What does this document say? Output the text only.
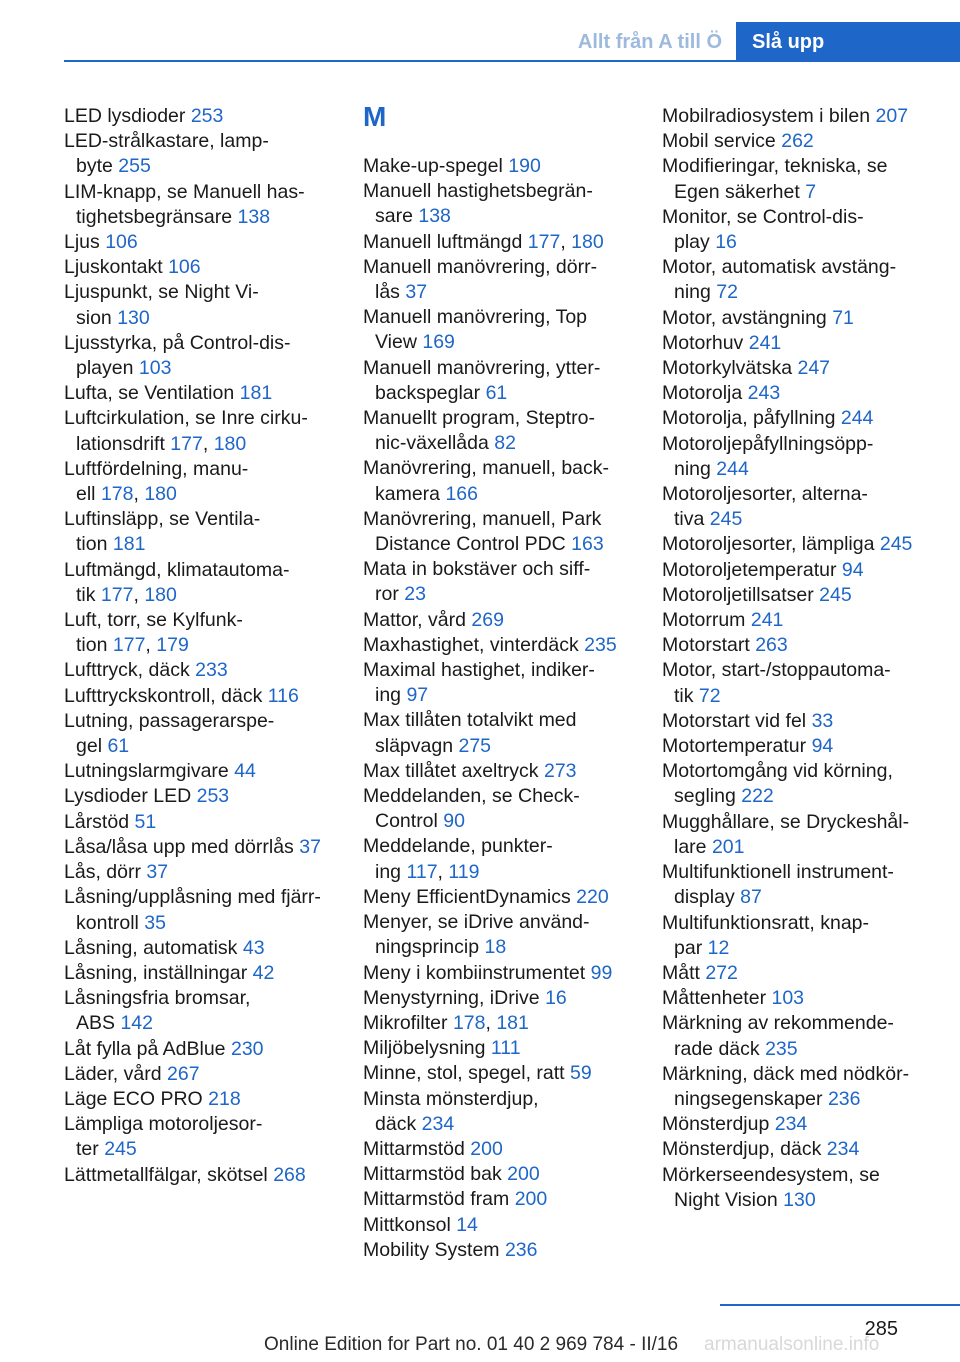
Allt från A till Ö	Slå upp
LED lysdioder 253
LED-strålkastare, lamp-
byte 255
LIM-knapp, se Manuell has-
tighetsbegränsare 138
Ljus 106
Ljuskontakt 106
Ljuspunkt, se Night Vi-
sion 130
Ljusstyrka, på Control-dis-
playen 103
Lufta, se Ventilation 181
Luftcirkulation, se Inre cirku-
lationsdrift 177, 180
Luftfördelning, manu-
ell 178, 180
Luftinsläpp, se Ventila-
tion 181
Luftmängd, klimatautoma-
tik 177, 180
Luft, torr, se Kylfunk-
tion 177, 179
Lufttryck, däck 233
Lufttryckskontroll, däck 116
Lutning, passagerarspe-
gel 61
Lutningslarmgivare 44
Lysdioder LED 253
Lårstöd 51
Låsa/låsa upp med dörrlås 37
Lås, dörr 37
Låsning/upplåsning med fjärr-
kontroll 35
Låsning, automatisk 43
Låsning, inställningar 42
Låsningsfria bromsar,
ABS 142
Låt fylla på AdBlue 230
Läder, vård 267
Läge ECO PRO 218
Lämpliga motoroljesor-
ter 245
Lättmetallfälgar, skötsel 268
M
Make-up-spegel 190
Manuell hastighetsbegrän-
sare 138
Manuell luftmängd 177, 180
Manuell manövrering, dörr-
lås 37
Manuell manövrering, Top
View 169
Manuell manövrering, ytter-
backspeglar 61
Manuellt program, Steptro-
nic-växellåda 82
Manövrering, manuell, back-
kamera 166
Manövrering, manuell, Park
Distance Control PDC 163
Mata in bokstäver och siff-
ror 23
Mattor, vård 269
Maxhastighet, vinterdäck 235
Maximal hastighet, indiker-
ing 97
Max tillåten totalvikt med
släpvagn 275
Max tillåtet axeltryck 273
Meddelanden, se Check-
Control 90
Meddelande, punkter-
ing 117, 119
Meny EfficientDynamics 220
Menyer, se iDrive använd-
ningsprincip 18
Meny i kombiinstrumentet 99
Menystyrning, iDrive 16
Mikrofilter 178, 181
Miljöbelysning 111
Minne, stol, spegel, ratt 59
Minsta mönsterdjup,
däck 234
Mittarmstöd 200
Mittarmstöd bak 200
Mittarmstöd fram 200
Mittkonsol 14
Mobility System 236
Mobilradiosystem i bilen 207
Mobil service 262
Modifieringar, tekniska, se
Egen säkerhet 7
Monitor, se Control-dis-
play 16
Motor, automatisk avstäng-
ning 72
Motor, avstängning 71
Motorhuv 241
Motorkylvätska 247
Motorolja 243
Motorolja, påfyllning 244
Motoroljepåfyllningsöpp-
ning 244
Motoroljesorter, alterna-
tiva 245
Motoroljesorter, lämpliga 245
Motoroljetemperatur 94
Motoroljetillsatser 245
Motorrum 241
Motorstart 263
Motor, start-/stoppautoma-
tik 72
Motorstart vid fel 33
Motortemperatur 94
Motortomgång vid körning,
segling 222
Mugghållare, se Dryckeshål-
lare 201
Multifunktionell instrument-
display 87
Multifunktionsratt, knap-
par 12
Mått 272
Måttenheter 103
Märkning av rekommende-
rade däck 235
Märkning, däck med nödkör-
ningsegenskaper 236
Mönsterdjup 234
Mönsterdjup, däck 234
Mörkerseendesystem, se
Night Vision 130
285
Online Edition for Part no. 01 40 2 969 784 - II/16 armanualsonline.info
